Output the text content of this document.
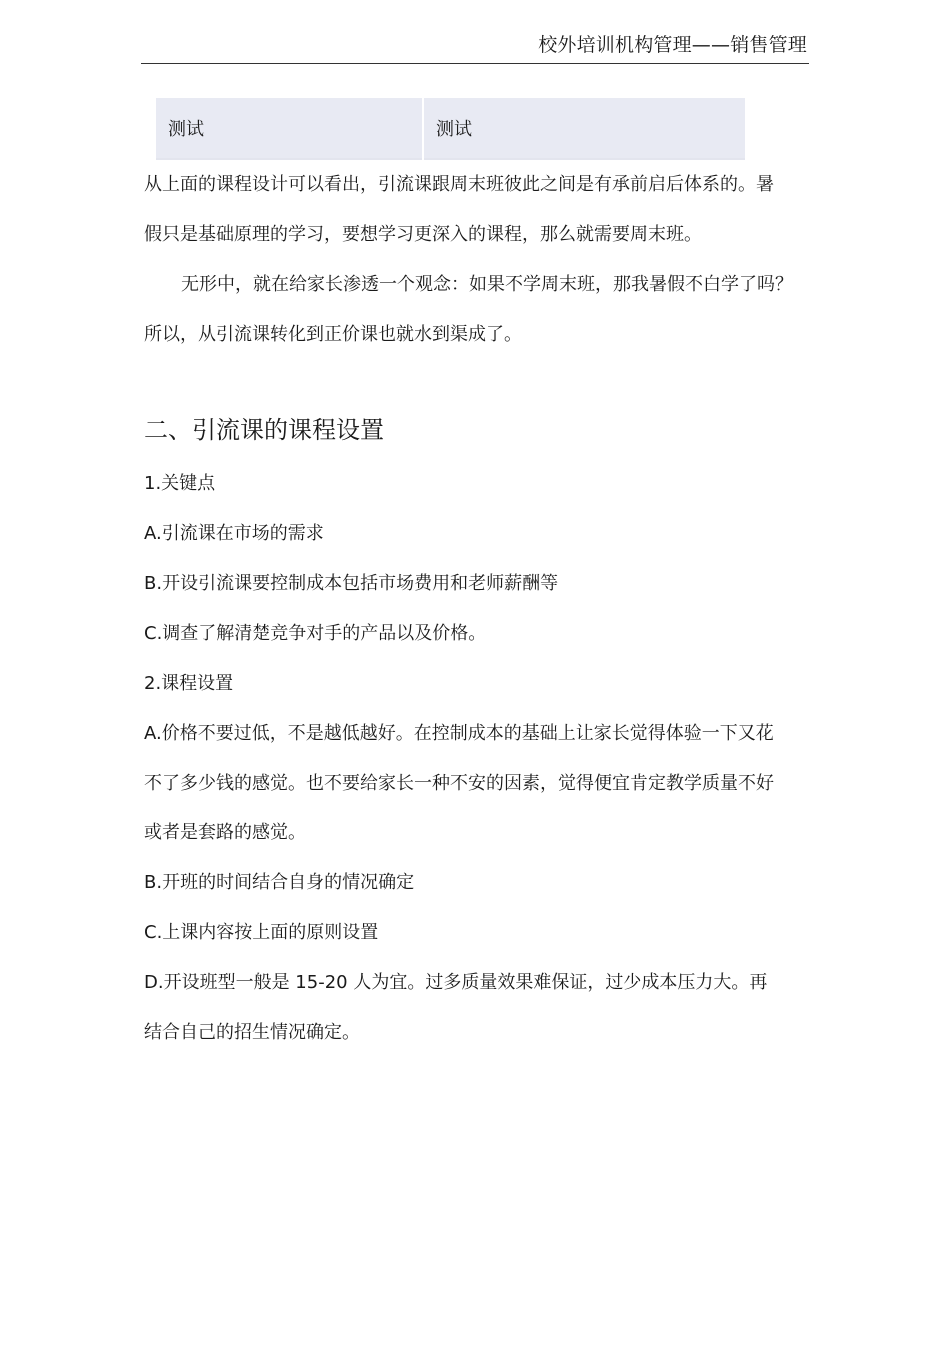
校外培训机构管理——销售管理
测试	测试

从上面的课程设计可以看出，引流课跟周末班彼此之间是有承前启后体系的。暑

假只是基础原理的学习，要想学习更深入的课程，那么就需要周末班。

无形中，就在给家长渗透一个观念：如果不学周末班，那我暑假不白学了吗？

所以，从引流课转化到正价课也就水到渠成了。

二、引流课的课程设置

1.关键点

A.引流课在市场的需求

B.开设引流课要控制成本包括市场费用和老师薪酬等

C.调查了解清楚竞争对手的产品以及价格。

2.课程设置

A.价格不要过低，不是越低越好。在控制成本的基础上让家长觉得体验一下又花

不了多少钱的感觉。也不要给家长一种不安的因素，觉得便宜肯定教学质量不好

或者是套路的感觉。

B.开班的时间结合自身的情况确定

C.上课内容按上面的原则设置

D.开设班型一般是 15-20 人为宜。过多质量效果难保证，过少成本压力大。再

结合自己的招生情况确定。
